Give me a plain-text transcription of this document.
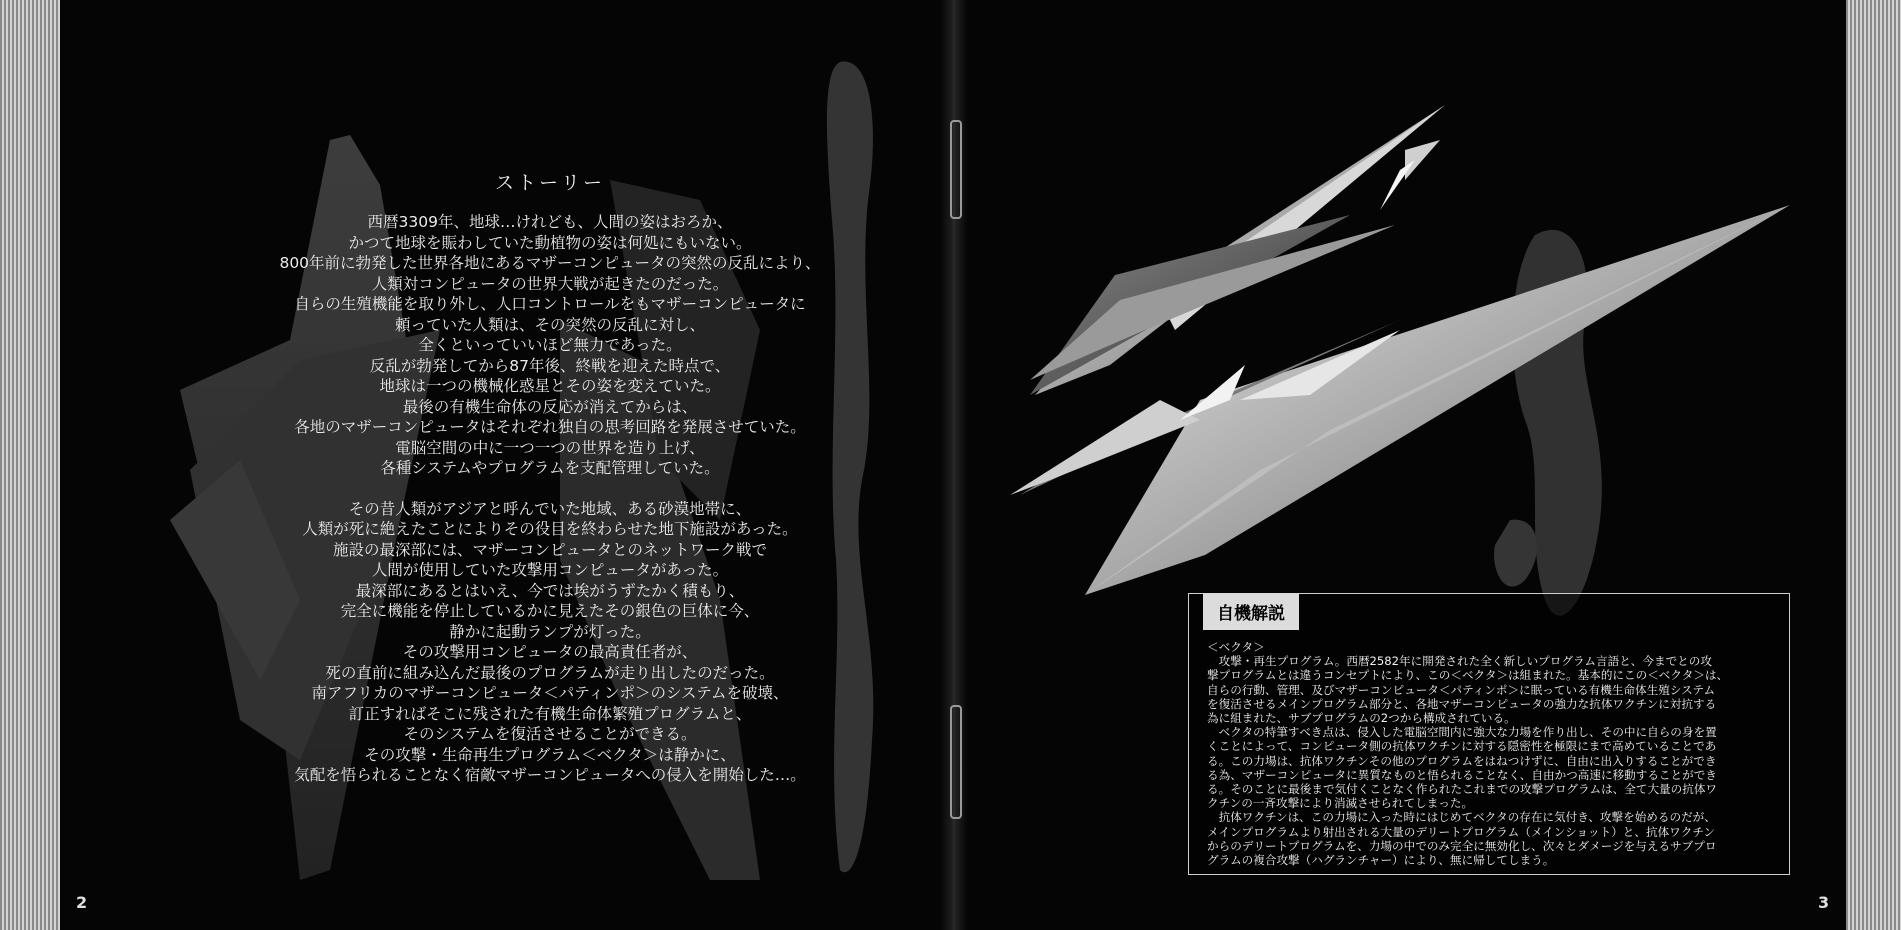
ストーリー
西暦3309年、地球…けれども、人間の姿はおろか、
かつて地球を賑わしていた動植物の姿は何処にもいない。
800年前に勃発した世界各地にあるマザーコンピュータの突然の反乱により、
人類対コンピュータの世界大戦が起きたのだった。
自らの生殖機能を取り外し、人口コントロールをもマザーコンピュータに
頼っていた人類は、その突然の反乱に対し、
全くといっていいほど無力であった。
反乱が勃発してから87年後、終戦を迎えた時点で、
地球は一つの機械化惑星とその姿を変えていた。
最後の有機生命体の反応が消えてからは、
各地のマザーコンピュータはそれぞれ独自の思考回路を発展させていた。
電脳空間の中に一つ一つの世界を造り上げ、
各種システムやプログラムを支配管理していた。
その昔人類がアジアと呼んでいた地域、ある砂漠地帯に、
人類が死に絶えたことによりその役目を終わらせた地下施設があった。
施設の最深部には、マザーコンピュータとのネットワーク戦で
人間が使用していた攻撃用コンピュータがあった。
最深部にあるとはいえ、今では埃がうずたかく積もり、
完全に機能を停止しているかに見えたその銀色の巨体に今、
静かに起動ランプが灯った。
その攻撃用コンピュータの最高責任者が、
死の直前に組み込んだ最後のプログラムが走り出したのだった。
南アフリカのマザーコンピュータ＜パティンポ＞のシステムを破壊、
訂正すればそこに残された有機生命体繁殖プログラムと、
そのシステムを復活させることができる。
その攻撃・生命再生プログラム＜ベクタ＞は静かに、
気配を悟られることなく宿敵マザーコンピュータへの侵入を開始した…。
2
自機解説
＜ベクタ＞
　攻撃・再生プログラム。西暦2582年に開発された全く新しいプログラム言語と、今までとの攻
撃プログラムとは違うコンセプトにより、この＜ベクタ＞は組まれた。基本的にこの＜ベクタ＞は、
自らの行動、管理、及びマザーコンピュータ＜パティンポ＞に眠っている有機生命体生殖システム
を復活させるメインプログラム部分と、各地マザーコンピュータの強力な抗体ワクチンに対抗する
為に組まれた、サブプログラムの2つから構成されている。
　ベクタの特筆すべき点は、侵入した電脳空間内に強大な力場を作り出し、その中に自らの身を置
くことによって、コンピュータ側の抗体ワクチンに対する隠密性を極限にまで高めていることであ
る。この力場は、抗体ワクチンその他のプログラムをはねつけずに、自由に出入りすることができ
る為、マザーコンピュータに異質なものと悟られることなく、自由かつ高速に移動することができ
る。そのことに最後まで気付くことなく作られたこれまでの攻撃プログラムは、全て大量の抗体ワ
クチンの一斉攻撃により消滅させられてしまった。
　抗体ワクチンは、この力場に入った時にはじめてベクタの存在に気付き、攻撃を始めるのだが、
メインプログラムより射出される大量のデリートプログラム（メインショット）と、抗体ワクチン
からのデリートプログラムを、力場の中でのみ完全に無効化し、次々とダメージを与えるサブプロ
グラムの複合攻撃（ハグランチャー）により、無に帰してしまう。
3
